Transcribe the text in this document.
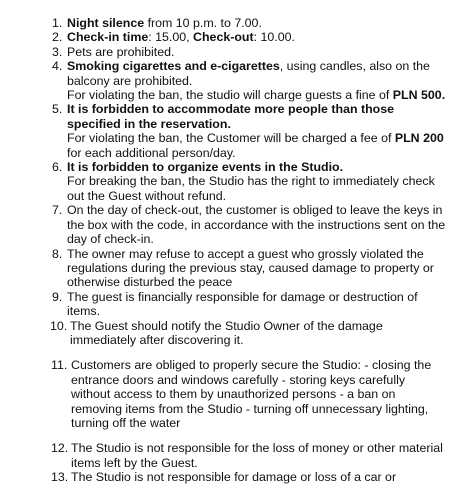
1. Night silence from 10 p.m. to 7.00.
2. Check-in time: 15.00, Check-out: 10.00.
3. Pets are prohibited.
4. Smoking cigarettes and e-cigarettes, using candles, also on the balcony are prohibited.
For violating the ban, the studio will charge guests a fine of PLN 500.
5. It is forbidden to accommodate more people than those specified in the reservation.
For violating the ban, the Customer will be charged a fee of PLN 200 for each additional person/day.
6. It is forbidden to organize events in the Studio.
For breaking the ban, the Studio has the right to immediately check out the Guest without refund.
7. On the day of check-out, the customer is obliged to leave the keys in the box with the code, in accordance with the instructions sent on the day of check-in.
8. The owner may refuse to accept a guest who grossly violated the regulations during the previous stay, caused damage to property or otherwise disturbed the peace
9. The guest is financially responsible for damage or destruction of items.
10. The Guest should notify the Studio Owner of the damage immediately after discovering it.
11. Customers are obliged to properly secure the Studio: - closing the entrance doors and windows carefully - storing keys carefully without access to them by unauthorized persons - a ban on removing items from the Studio - turning off unnecessary lighting, turning off the water
12. The Studio is not responsible for the loss of money or other material items left by the Guest.
13. The Studio is not responsible for damage or loss of a car or
